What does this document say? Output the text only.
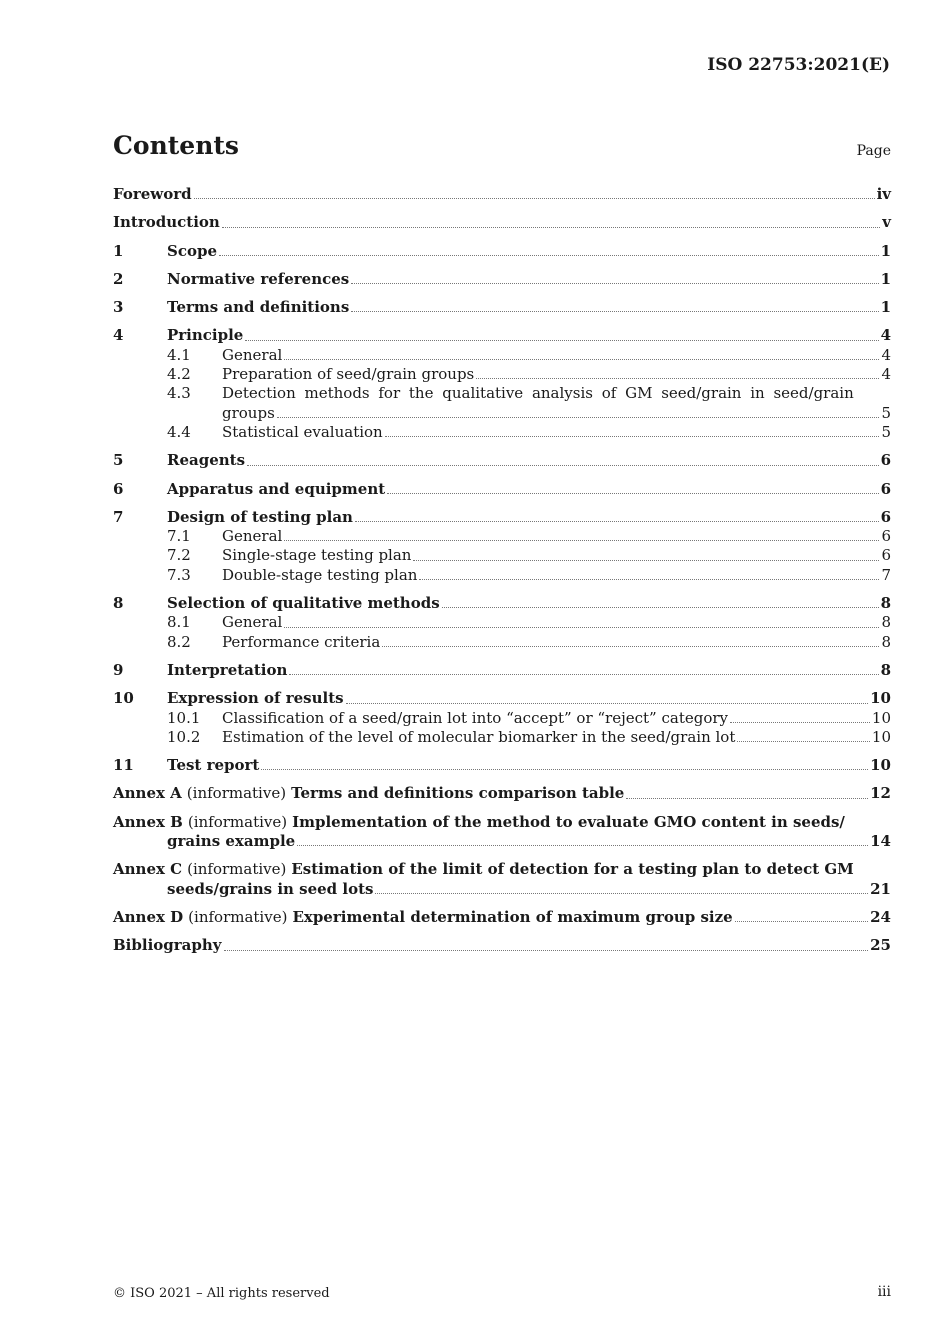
ISO 22753:2021(E)
Contents	Page
Foreword	iv
Introduction	v
1	Scope	1
2	Normative references	1
3	Terms and definitions	1
4	Principle	4
4.1	General	4
4.2	Preparation of seed/grain groups	4
4.3	Detection methods for the qualitative analysis of GM seed/grain in seed/grain
groups	5
4.4	Statistical evaluation	5
5	Reagents	6
6	Apparatus and equipment	6
7	Design of testing plan	6
7.1	General	6
7.2	Single-stage testing plan	6
7.3	Double-stage testing plan	7
8	Selection of qualitative methods	8
8.1	General	8
8.2	Performance criteria	8
9	Interpretation	8
10	Expression of results	10
10.1	Classification of a seed/grain lot into “accept” or “reject” category	10
10.2	Estimation of the level of molecular biomarker in the seed/grain lot	10
11	Test report	10
Annex A (informative) Terms and definitions comparison table	12
Annex B (informative) Implementation of the method to evaluate GMO content in seeds/
grains example	14
Annex C (informative) Estimation of the limit of detection for a testing plan to detect GM
seeds/grains in seed lots	21
Annex D (informative) Experimental determination of maximum group size	24
Bibliography	25
© ISO 2021 – All rights reserved	iii
